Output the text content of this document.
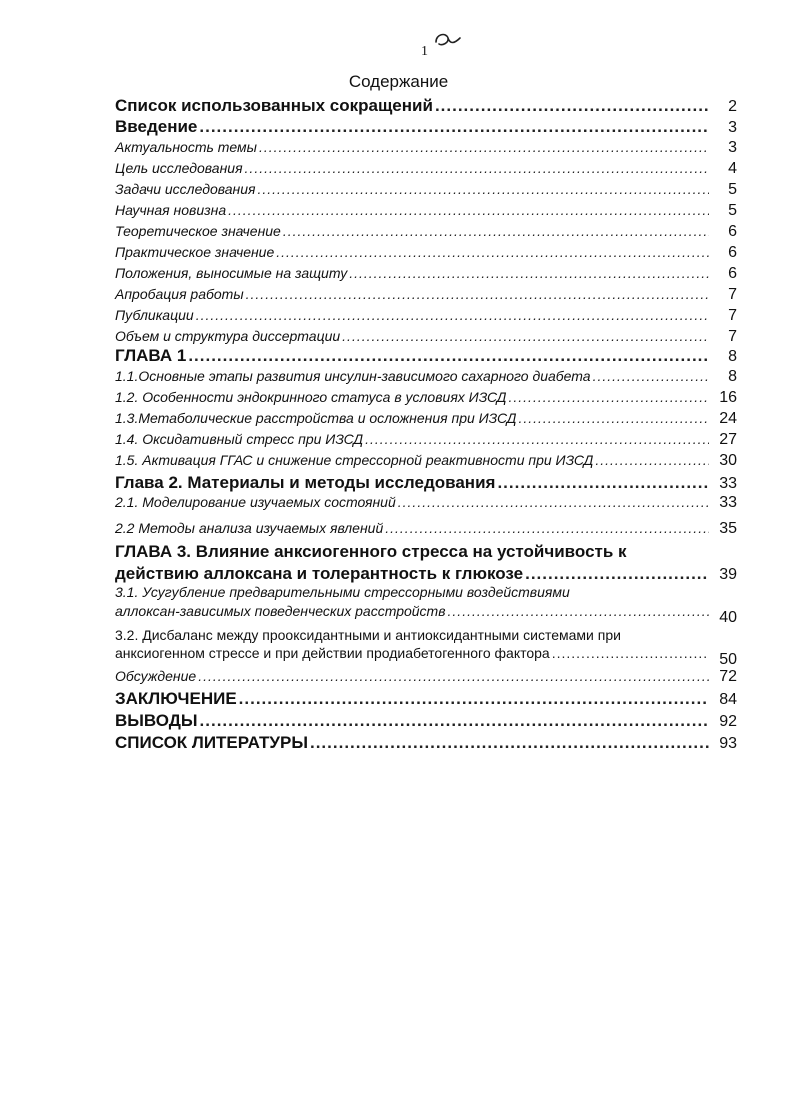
1
Содержание
Список использованных сокращений .....	2
Введение .....	3
Актуальность темы .....	3
Цель исследования .....	4
Задачи исследования .....	5
Научная новизна .....	5
Теоретическое значение .....	6
Практическое значение .....	6
Положения, выносимые на защиту .....	6
Апробация работы .....	7
Публикации .....	7
Объем и структура диссертации .....	7
ГЛАВА 1 .....	8
1.1.Основные этапы развития инсулин-зависимого сахарного диабета .....	8
1.2. Особенности эндокринного статуса в условиях ИЗСД .....	16
1.3.Метаболические расстройства и осложнения при ИЗСД .....	24
1.4. Оксидативный стресс при ИЗСД .....	27
1.5. Активация ГГАС и снижение стрессорной реактивности при ИЗСД .....	30
Глава 2. Материалы и методы исследования .....	33
2.1. Моделирование изучаемых состояний .....	33
2.2 Методы анализа изучаемых явлений .....	35
ГЛАВА 3. Влияние анксиогенного стресса на устойчивость к
действию аллоксана и толерантность к глюкозе .....	39
3.1. Усугубление предварительными стрессорными воздействиями
аллоксан-зависимых поведенческих расстройств .....	40
3.2. Дисбаланс между прооксидантными и антиоксидантными системами при
анксиогенном стрессе и при действии продиабетогенного фактора .....	50
Обсуждение .....	72
ЗАКЛЮЧЕНИЕ .....	84
ВЫВОДЫ .....	92
СПИСОК ЛИТЕРАТУРЫ .....	93
